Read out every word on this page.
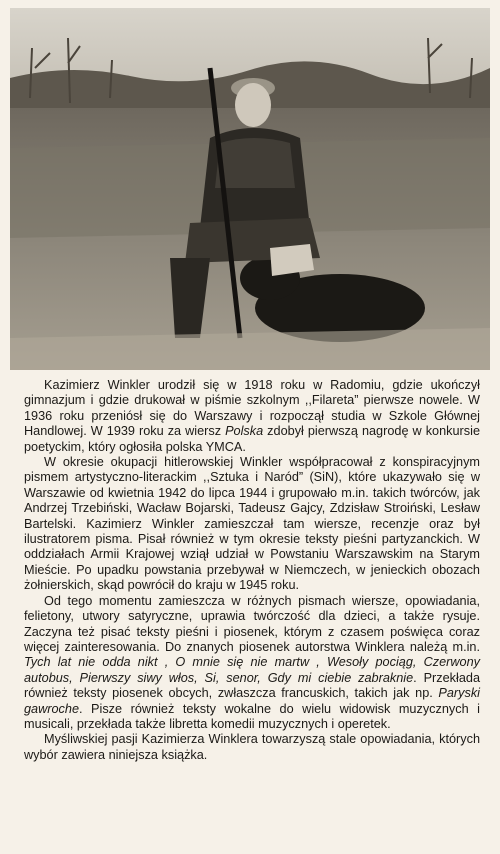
Kazimierz Winkler urodził się w 1918 roku w Radomiu, gdzie ukończył gimnazjum i gdzie drukował w piśmie szkolnym ,,Filareta” pierwsze nowele. W 1936 roku przeniósł się do Warszawy i rozpoczął studia w Szkole Głównej Handlowej. W 1939 roku za wiersz Polska zdobył pierwszą nagrodę w konkursie poetyckim, który ogłosiła polska YMCA.

W okresie okupacji hitlerowskiej Winkler współpracował z konspiracyjnym pismem artystyczno-literackim ,,Sztuka i Naród” (SiN), które ukazywało się w Warszawie od kwietnia 1942 do lipca 1944 i grupowało m.in. takich twórców, jak Andrzej Trzebiński, Wacław Bojarski, Tadeusz Gajcy, Zdzisław Stroiński, Lesław Bartelski. Kazimierz Winkler zamieszczał tam wiersze, recenzje oraz był ilustratorem pisma. Pisał również w tym okresie teksty pieśni partyzanckich. W oddziałach Armii Krajowej wziął udział w Powstaniu Warszawskim na Starym Mieście. Po upadku powstania przebywał w Niemczech, w jenieckich obozach żołnierskich, skąd powrócił do kraju w 1945 roku.

Od tego momentu zamieszcza w różnych pismach wiersze, opowiadania, felietony, utwory satyryczne, uprawia twórczość dla dzieci, a także rysuje. Zaczyna też pisać teksty pieśni i piosenek, którym z czasem poświęca coraz więcej zainteresowania. Do znanych piosenek autorstwa Winklera należą m.in. Tych lat nie odda nikt , O mnie się nie martw , Wesoły pociąg, Czerwony autobus, Pierwszy siwy włos, Si, senor, Gdy mi ciebie zabraknie. Przekłada również teksty piosenek obcych, zwłaszcza francuskich, takich jak np. Paryski gawroche. Pisze również teksty wokalne do wielu widowisk muzycznych i musicali, przekłada także libretta komedii muzycznych i operetek.

Myśliwskiej pasji Kazimierza Winklera towarzyszą stale opowiadania, których wybór zawiera niniejsza książka.
